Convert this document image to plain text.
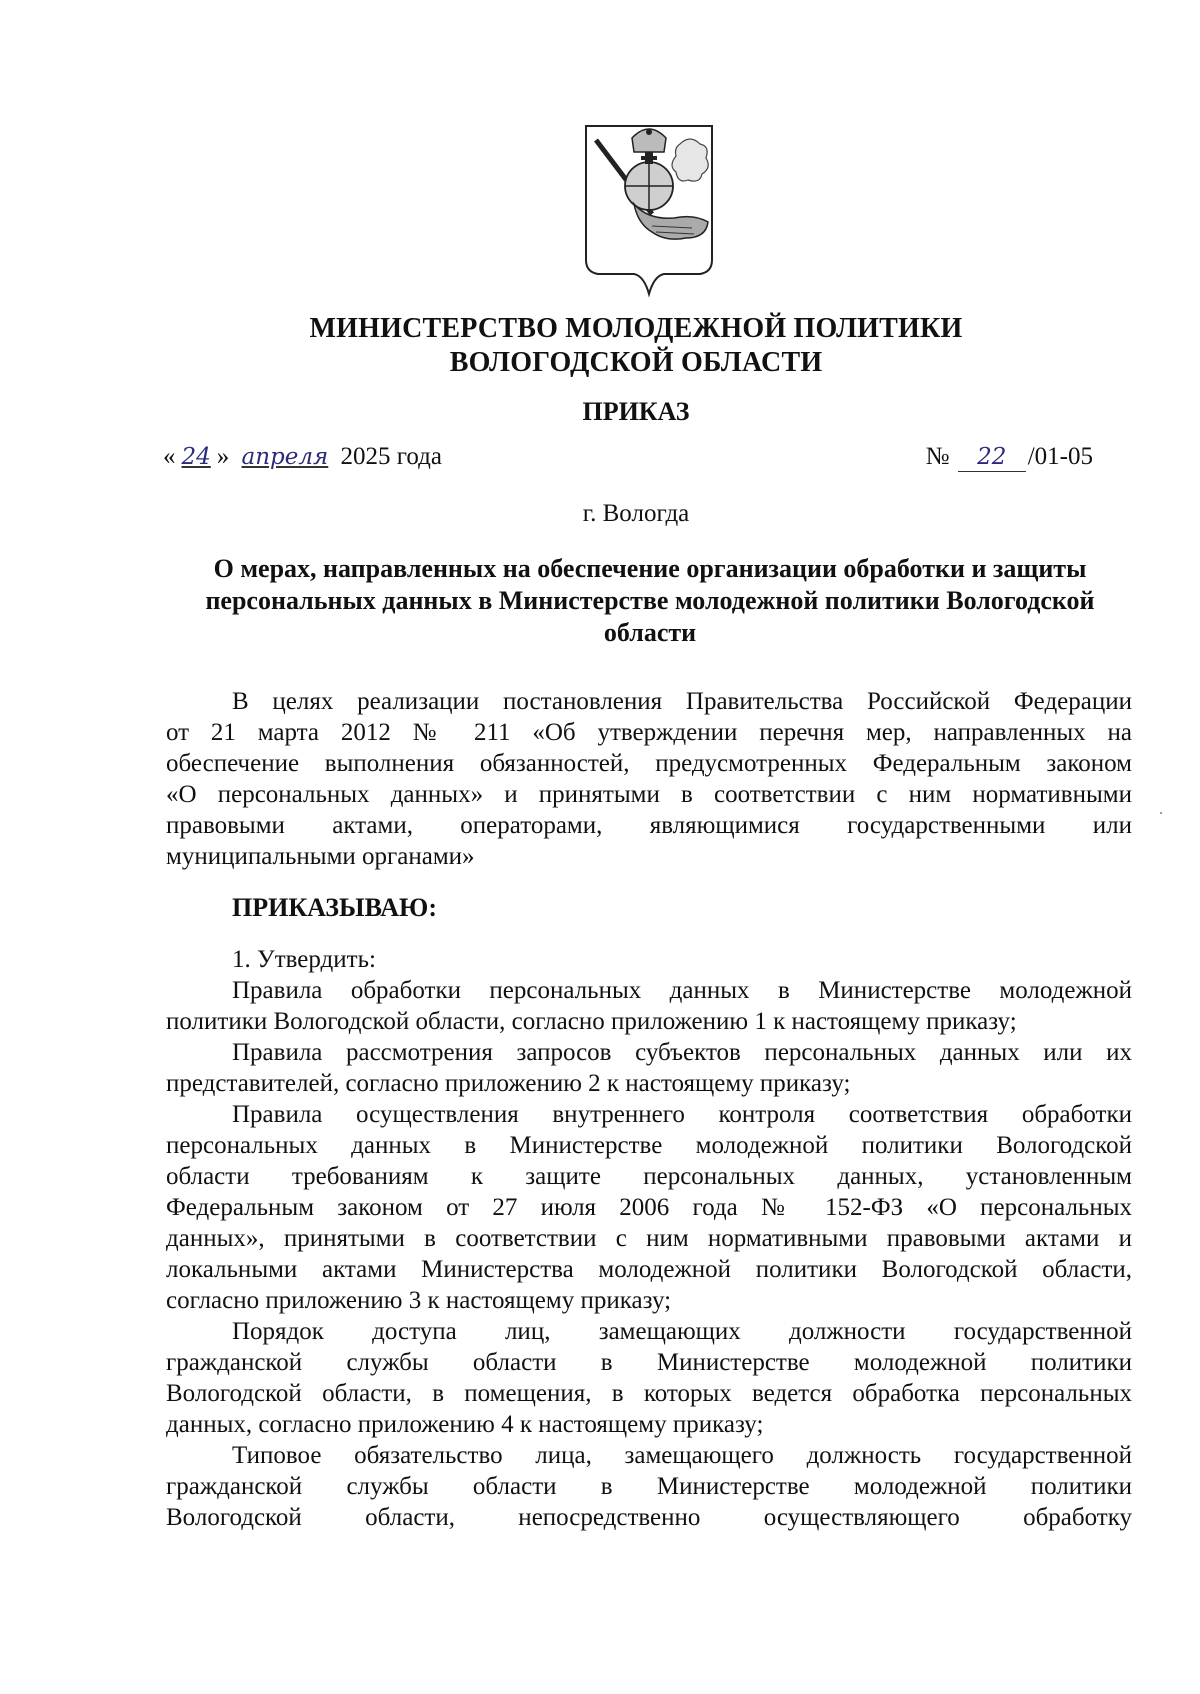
МИНИСТЕРСТВО МОЛОДЕЖНОЙ ПОЛИТИКИ
ВОЛОГОДСКОЙ ОБЛАСТИ
ПРИКАЗ
« 24 » апреля 2025 года	№ 22 /01-05
г. Вологда
О мерах, направленных на обеспечение организации обработки и защиты
персональных данных в Министерстве молодежной политики Вологодской
области
В целях реализации постановления Правительства Российской Федерации
от 21 марта 2012 № 211 «Об утверждении перечня мер, направленных на
обеспечение выполнения обязанностей, предусмотренных Федеральным законом
«О персональных данных» и принятыми в соответствии с ним нормативными
правовыми актами, операторами, являющимися государственными или
муниципальными органами»
ПРИКАЗЫВАЮ:
1. Утвердить:
Правила обработки персональных данных в Министерстве молодежной
политики Вологодской области, согласно приложению 1 к настоящему приказу;
Правила рассмотрения запросов субъектов персональных данных или их
представителей, согласно приложению 2 к настоящему приказу;
Правила осуществления внутреннего контроля соответствия обработки
персональных данных в Министерстве молодежной политики Вологодской
области требованиям к защите персональных данных, установленным
Федеральным законом от 27 июля 2006 года № 152-ФЗ «О персональных
данных», принятыми в соответствии с ним нормативными правовыми актами и
локальными актами Министерства молодежной политики Вологодской области,
согласно приложению 3 к настоящему приказу;
Порядок доступа лиц, замещающих должности государственной
гражданской службы области в Министерстве молодежной политики
Вологодской области, в помещения, в которых ведется обработка персональных
данных, согласно приложению 4 к настоящему приказу;
Типовое обязательство лица, замещающего должность государственной
гражданской службы области в Министерстве молодежной политики
Вологодской области, непосредственно осуществляющего обработку
